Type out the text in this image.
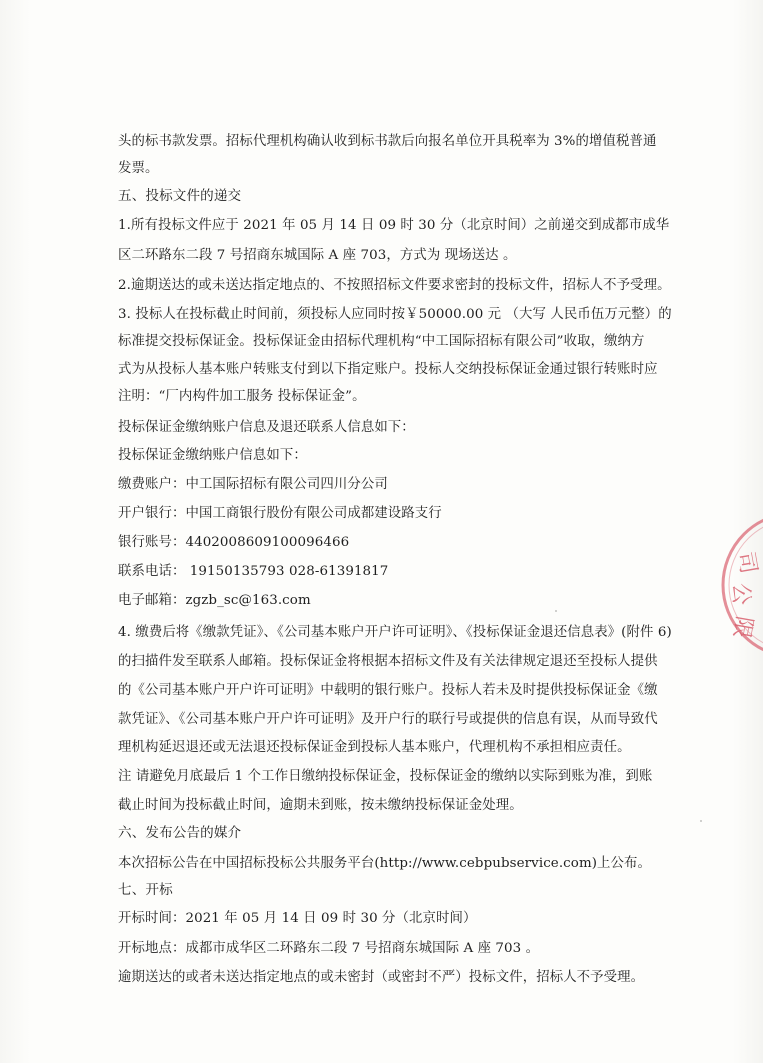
头的标书款发票。招标代理机构确认收到标书款后向报名单位开具税率为 3%的增值税普通
发票。
五、投标文件的递交
1.所有投标文件应于 2021 年 05 月 14 日 09 时 30 分（北京时间）之前递交到成都市成华
区二环路东二段 7 号招商东城国际 A 座 703，方式为 现场送达 。
2.逾期送达的或未送达指定地点的、不按照招标文件要求密封的投标文件，招标人不予受理。
3. 投标人在投标截止时间前，须投标人应同时按￥50000.00 元 （大写 人民币伍万元整）的
标准提交投标保证金。投标保证金由招标代理机构“中工国际招标有限公司”收取，缴纳方
式为从投标人基本账户转账支付到以下指定账户。投标人交纳投标保证金通过银行转账时应
注明：“厂内构件加工服务 投标保证金”。
投标保证金缴纳账户信息及退还联系人信息如下：
投标保证金缴纳账户信息如下：
缴费账户：中工国际招标有限公司四川分公司
开户银行：中国工商银行股份有限公司成都建设路支行
银行账号：4402008609100096466
联系电话： 19150135793 028-61391817
电子邮箱：zgzb_sc@163.com
4. 缴费后将《缴款凭证》、《公司基本账户开户许可证明》、《投标保证金退还信息表》(附件 6)
的扫描件发至联系人邮箱。投标保证金将根据本招标文件及有关法律规定退还至投标人提供
的《公司基本账户开户许可证明》中载明的银行账户。投标人若未及时提供投标保证金《缴
款凭证》、《公司基本账户开户许可证明》及开户行的联行号或提供的信息有误，从而导致代
理机构延迟退还或无法退还投标保证金到投标人基本账户，代理机构不承担相应责任。
注 请避免月底最后 1 个工作日缴纳投标保证金，投标保证金的缴纳以实际到账为准，到账
截止时间为投标截止时间，逾期未到账，按未缴纳投标保证金处理。
六、发布公告的媒介
本次招标公告在中国招标投标公共服务平台(http://www.cebpubservice.com)上公布。
七、开标
开标时间：2021 年 05 月 14 日 09 时 30 分（北京时间）
开标地点：成都市成华区二环路东二段 7 号招商东城国际 A 座 703 。
逾期送达的或者未送达指定地点的或未密封（或密封不严）投标文件，招标人不予受理。
司
公
限
